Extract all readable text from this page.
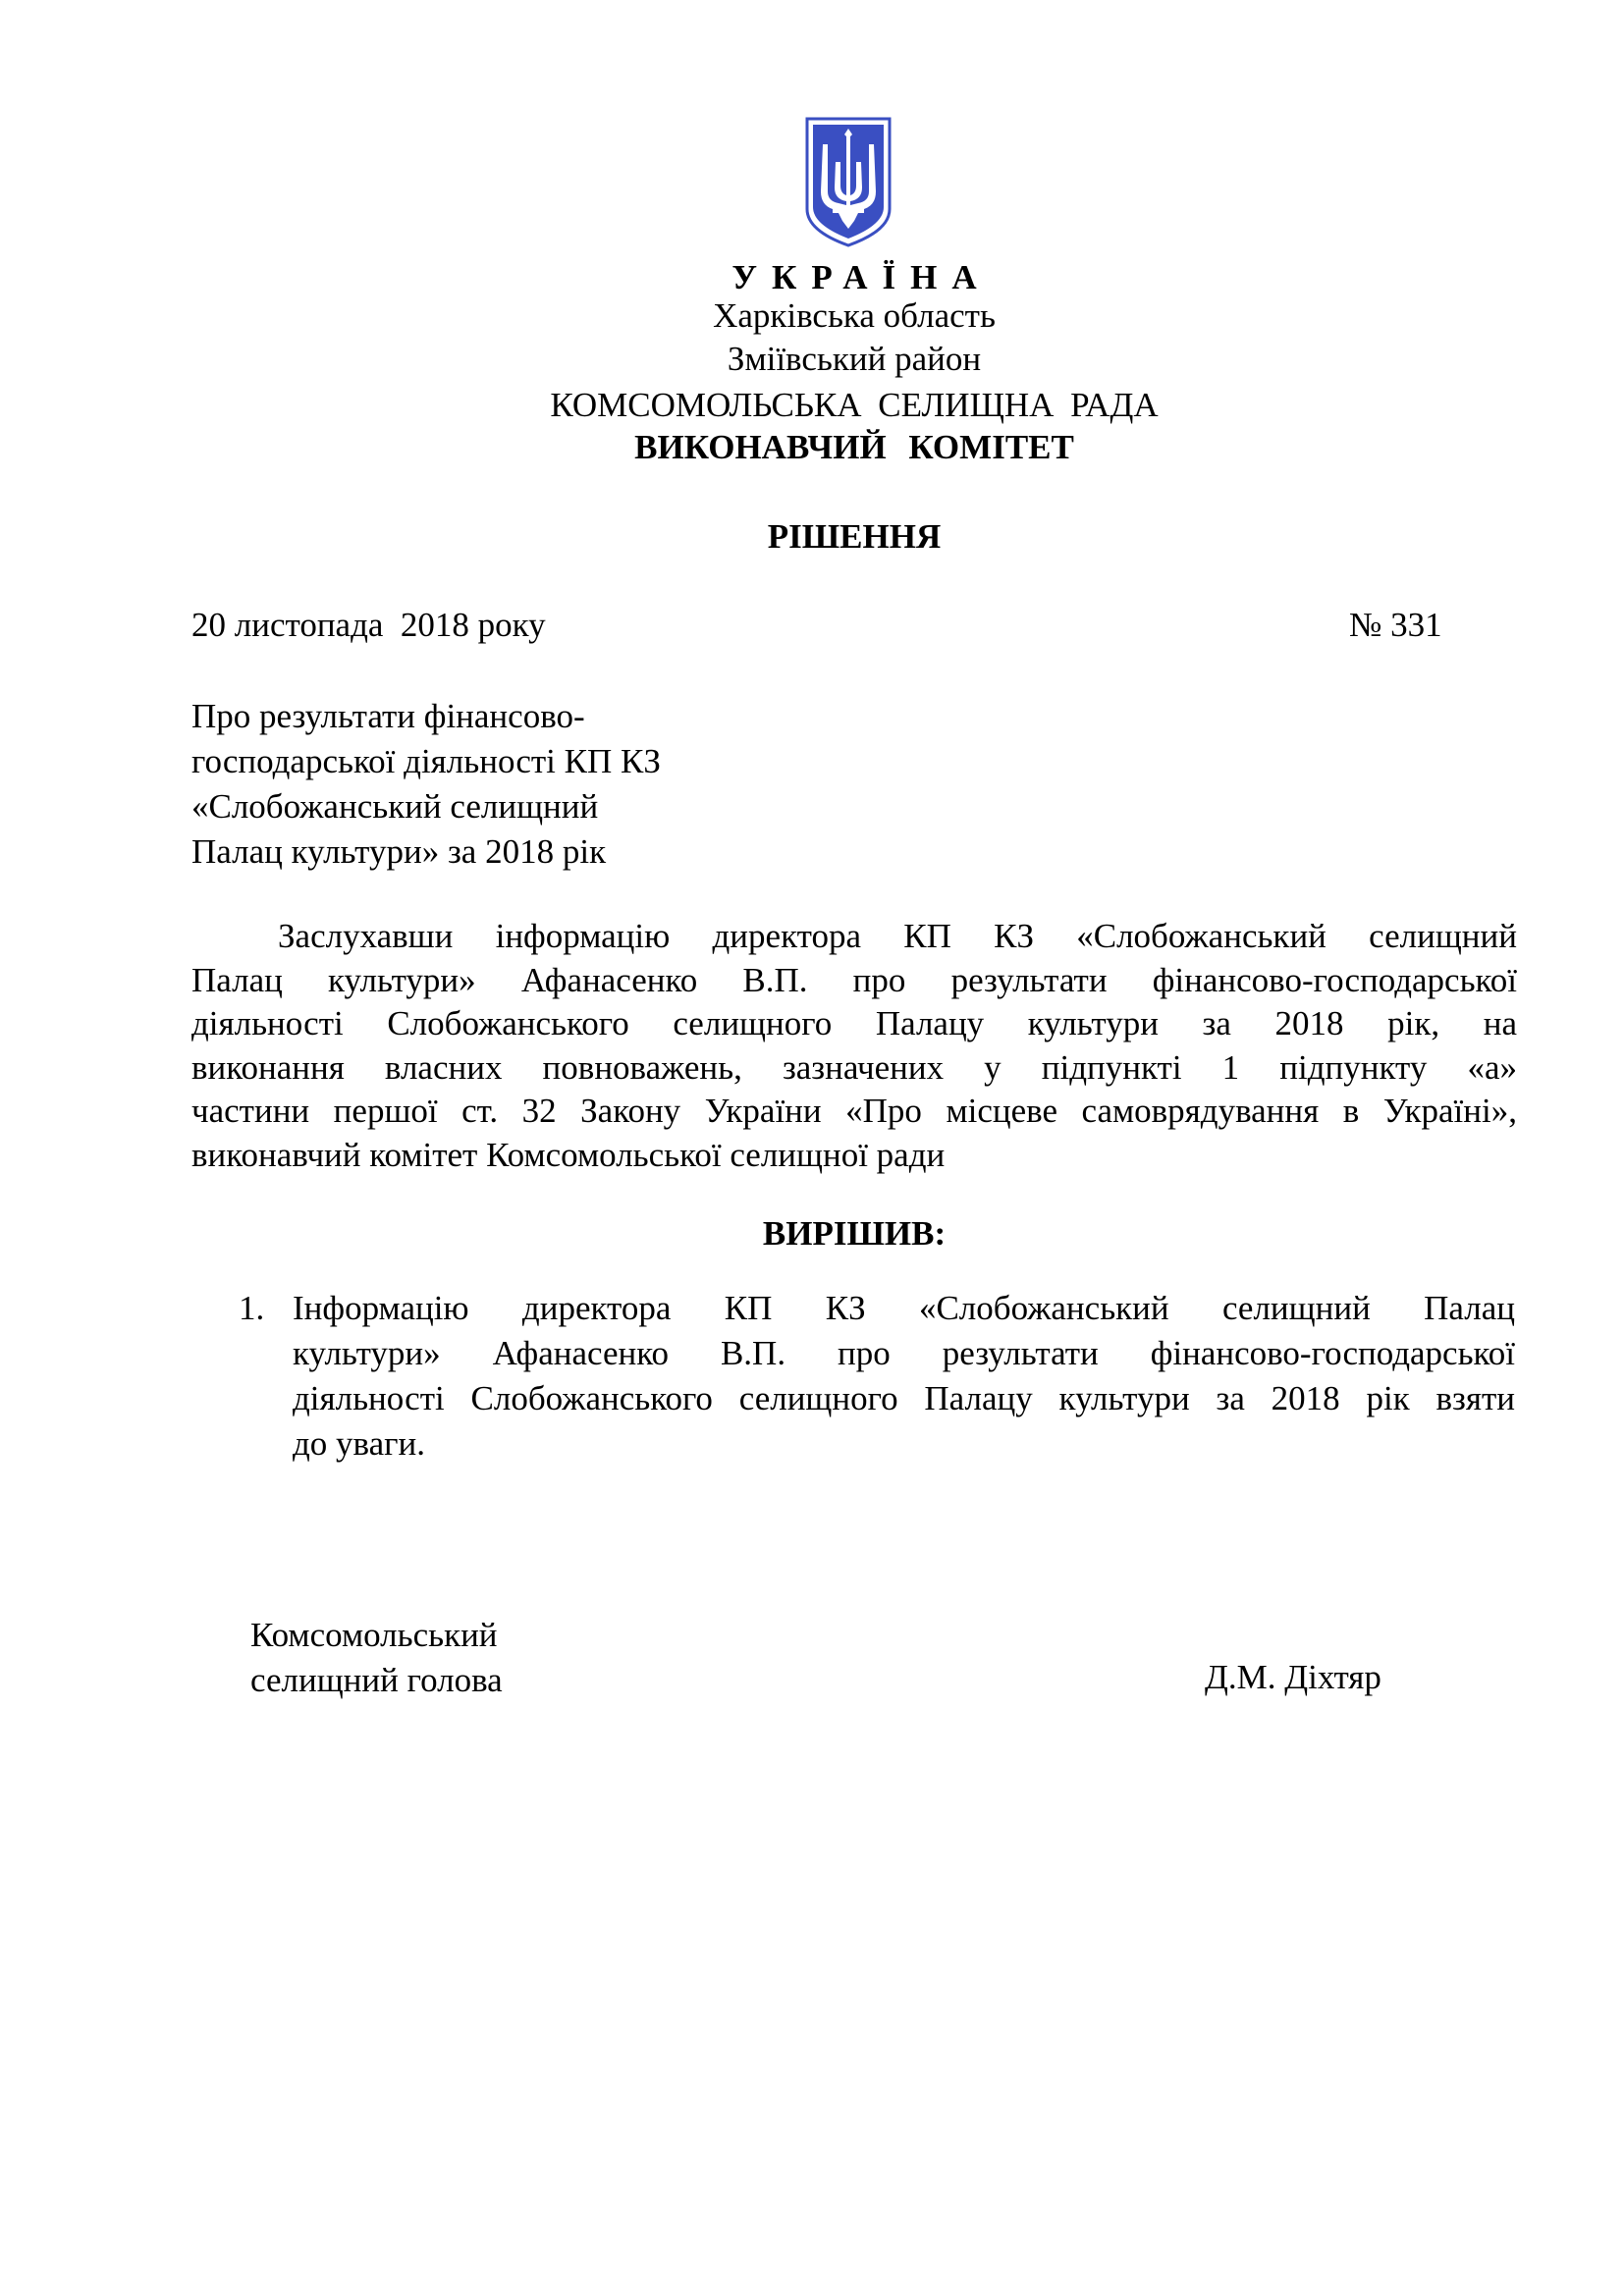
УКРАЇНА
Харківська область
Зміївський район
КОМСОМОЛЬСЬКА СЕЛИЩНА РАДА
ВИКОНАВЧИЙ КОМІТЕТ
РІШЕННЯ
20 листопада  2018 року	№ 331
Про результати фінансово-
господарської діяльності КП КЗ
«Слобожанський селищний
Палац культури» за 2018 рік
Заслухавши інформацію директора КП КЗ «Слобожанський селищний
Палац культури» Афанасенко В.П. про результати фінансово-господарської
діяльності Слобожанського селищного Палацу культури за 2018 рік, на
виконання власних повноважень, зазначених у підпункті 1 підпункту «а»
частини першої ст. 32 Закону України «Про місцеве самоврядування в Україні»,
виконавчий комітет Комсомольської селищної ради
ВИРІШИВ:
1. Інформацію директора КП КЗ «Слобожанський селищний Палац
культури» Афанасенко В.П. про результати фінансово-господарської
діяльності Слобожанського селищного Палацу культури за 2018 рік взяти
до уваги.
Комсомольський
селищний голова	Д.М. Діхтяр
